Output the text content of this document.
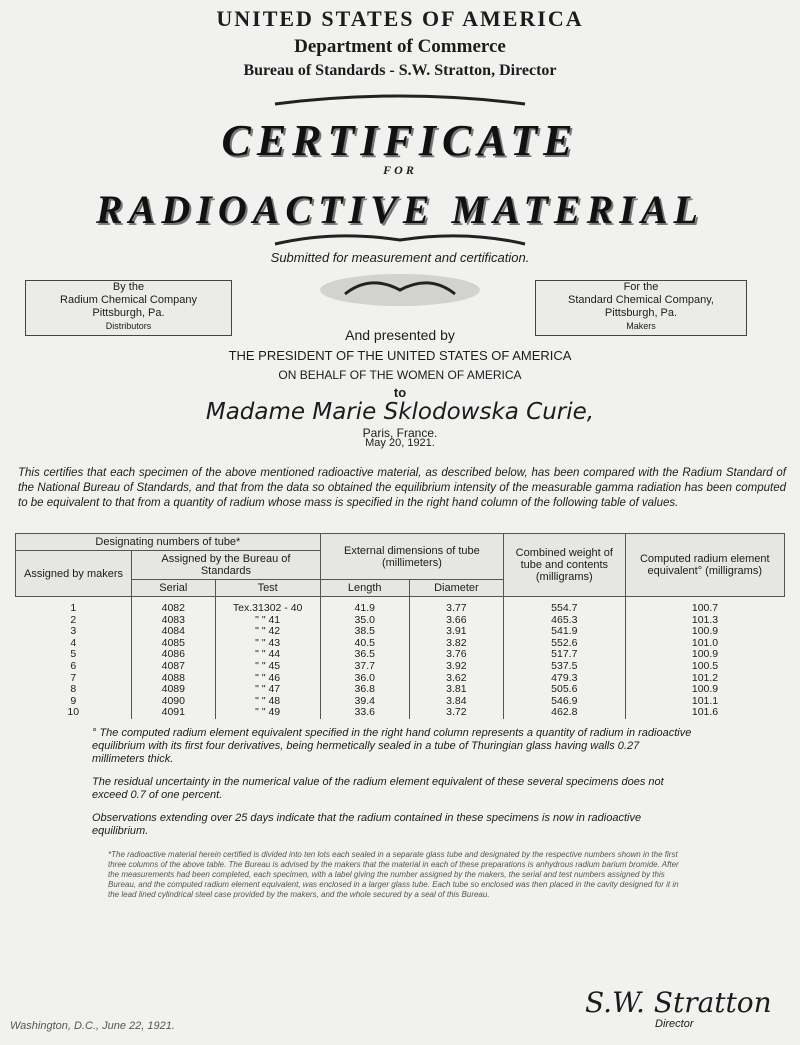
UNITED STATES OF AMERICA
Department of Commerce
Bureau of Standards - S.W. Stratton, Director
CERTIFICATE
FOR
RADIOACTIVE MATERIAL
Submitted for measurement and certification.
By the
Radium Chemical Company
Pittsburgh, Pa.
Distributors
For the
Standard Chemical Company,
Pittsburgh, Pa.
Makers
And presented by
THE PRESIDENT OF THE UNITED STATES OF AMERICA
ON BEHALF OF THE WOMEN OF AMERICA
to
Madame Marie Sklodowska Curie,
Paris, France.
May 20, 1921.
This certifies that each specimen of the above mentioned radioactive material, as described below, has been compared with the Radium Standard of the National Bureau of Standards, and that from the data so obtained the equilibrium intensity of the measurable gamma radiation has been computed to be equivalent to that from a quantity of radium whose mass is specified in the right hand column of the following table of values.
Designating numbers of tube*			External dimensions of tube (millimeters)		Combined weight of tube and contents (milligrams)	Computed radium element equivalent° (milligrams)
Assigned by makers	Assigned by the Bureau of Standards					
	Serial	Test	Length	Diameter		
1	4082	Tex.31302 - 40	41.9	3.77	554.7	100.7
2	4083	" " 41	35.0	3.66	465.3	101.3
3	4084	" " 42	38.5	3.91	541.9	100.9
4	4085	" " 43	40.5	3.82	552.6	101.0
5	4086	" " 44	36.5	3.76	517.7	100.9
6	4087	" " 45	37.7	3.92	537.5	100.5
7	4088	" " 46	36.0	3.62	479.3	101.2
8	4089	" " 47	36.8	3.81	505.6	100.9
9	4090	" " 48	39.4	3.84	546.9	101.1
10	4091	" " 49	33.6	3.72	462.8	101.6

° The computed radium element equivalent specified in the right hand column represents a quantity of radium in radioactive equilibrium with its first four derivatives, being hermetically sealed in a tube of Thuringian glass having walls 0.27 millimeters thick.

The residual uncertainty in the numerical value of the radium element equivalent of these several specimens does not exceed 0.7 of one percent.

Observations extending over 25 days indicate that the radium contained in these specimens is now in radioactive equilibrium.

*The radioactive material herein certified is divided into ten lots each sealed in a separate glass tube and designated by the respective numbers shown in the first three columns of the above table. The Bureau is advised by the makers that the material in each of these preparations is anhydrous radium barium bromide. After the measurements had been completed, each specimen, with a label giving the number assigned by the makers, the serial and test numbers assigned by this Bureau, and the computed radium element equivalent, was enclosed in a larger glass tube. Each tube so enclosed was then placed in the cavity designed for it in the lead lined cylindrical steel case provided by the makers, and the whole secured by a seal of this Bureau.
Washington, D.C., June 22, 1921.
S.W. Stratton
Director
